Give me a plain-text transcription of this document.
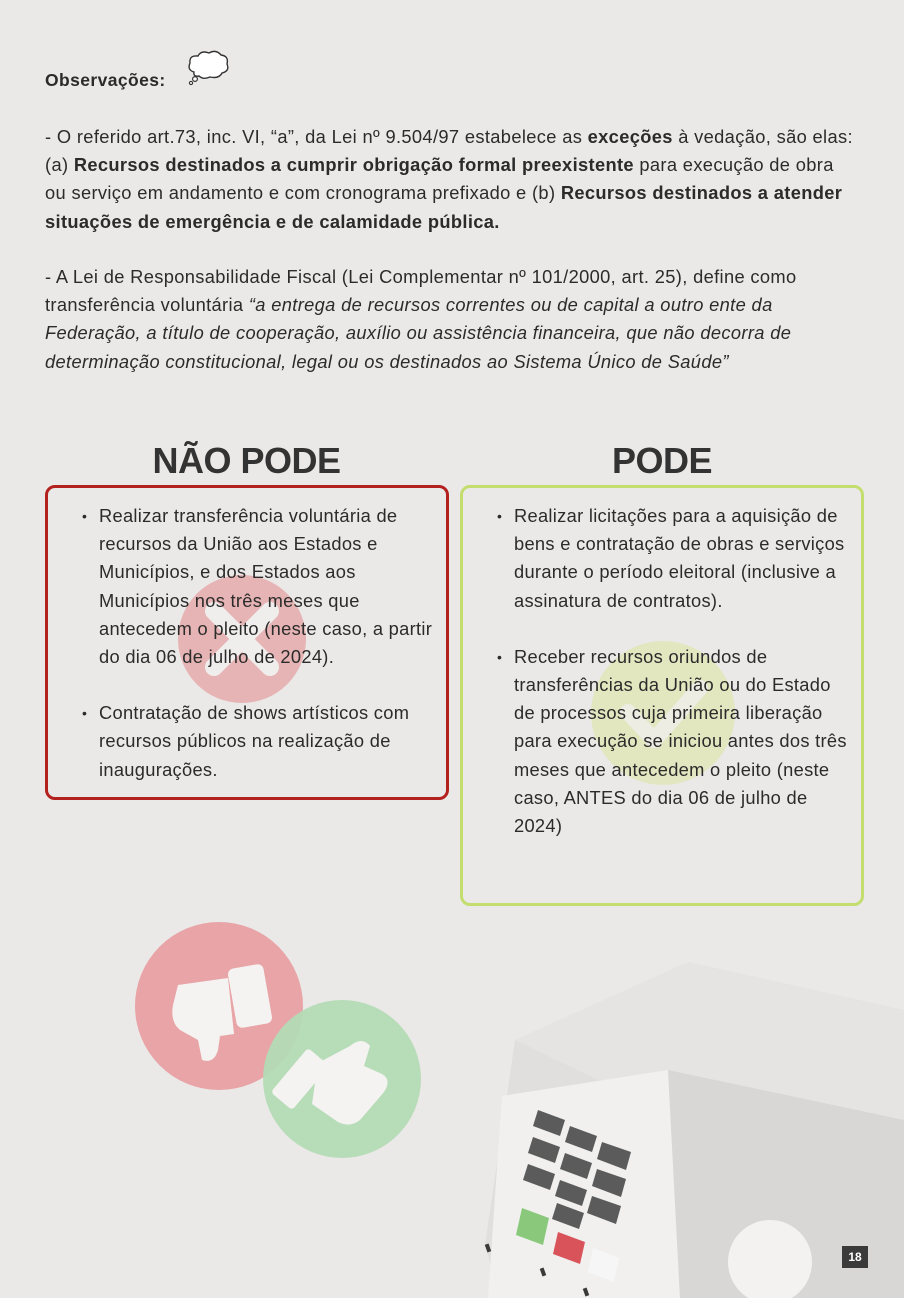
Observações:

- O referido art.73, inc. VI, “a”, da Lei nº 9.504/97 estabelece as exceções à vedação, são elas: (a) Recursos destinados a cumprir obrigação formal preexistente para execução de obra ou serviço em andamento e com cronograma prefixado e (b) Recursos destinados a atender situações de emergência e de calamidade pública.

- A Lei de Responsabilidade Fiscal (Lei Complementar nº 101/2000, art. 25), define como transferência voluntária “a entrega de recursos correntes ou de capital a outro ente da Federação, a título de cooperação, auxílio ou assistência financeira, que não decorra de determinação constitucional, legal ou os destinados ao Sistema Único de Saúde”

NÃO PODE	PODE
• Realizar transferência voluntária de recursos da União aos Estados e Municípios, e dos Estados aos Municípios nos três meses que antecedem o pleito (neste caso, a partir do dia 06 de julho de 2024).
• Contratação de shows artísticos com recursos públicos na realização de inaugurações.
• Realizar licitações para a aquisição de bens e contratação de obras e serviços durante o período eleitoral (inclusive a assinatura de contratos).
• Receber recursos oriundos de transferências da União ou do Estado de processos cuja primeira liberação para execução se iniciou antes dos três meses que antecedem o pleito (neste caso, ANTES do dia 06 de julho de 2024)
18
